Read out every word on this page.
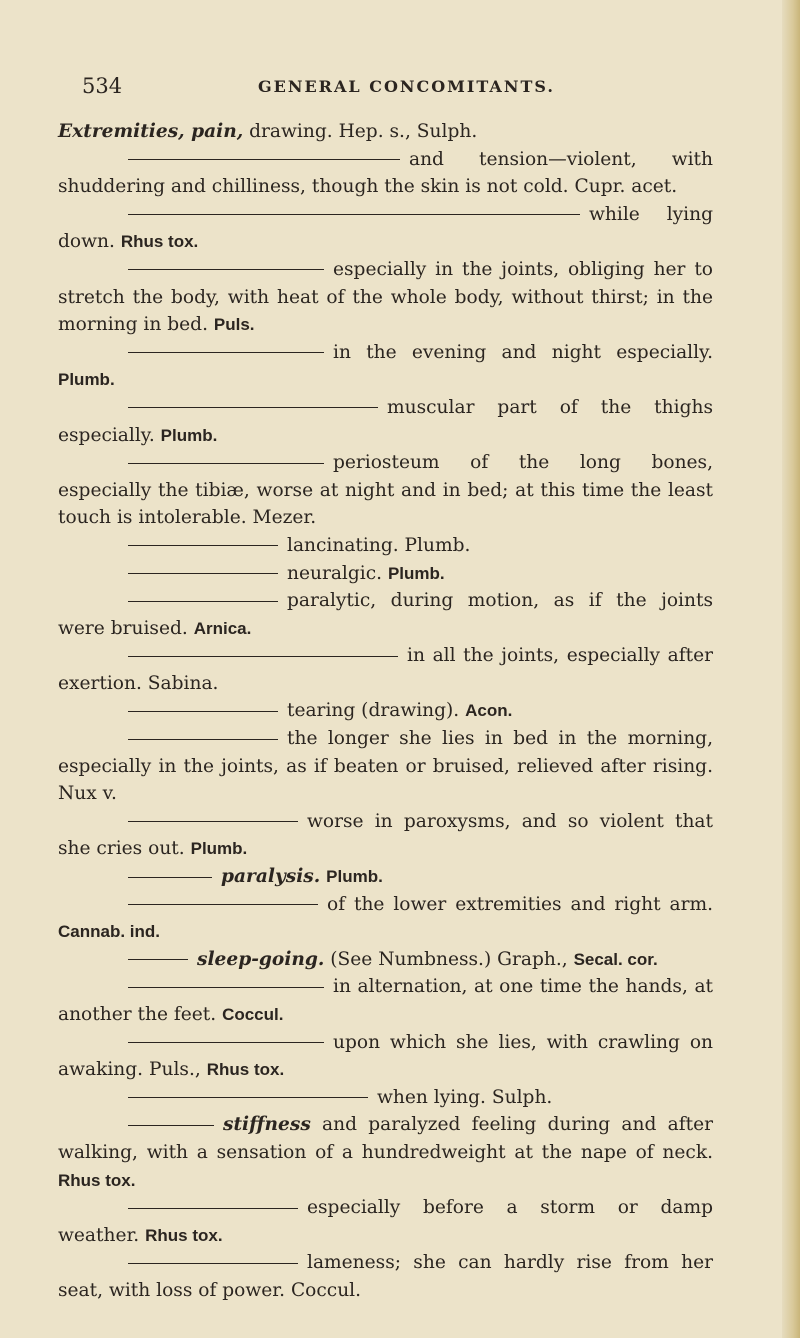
534	GENERAL CONCOMITANTS.

Extremities, pain, drawing. Hep. s., Sulph.

and tension—violent, with shuddering and chilliness, though the skin is not cold. Cupr. acet.

while lying down. Rhus tox.

especially in the joints, obliging her to stretch the body, with heat of the whole body, without thirst; in the morning in bed. Puls.

in the evening and night especially. Plumb.

muscular part of the thighs especially. Plumb.

periosteum of the long bones, especially the tibiæ, worse at night and in bed; at this time the least touch is intolerable. Mezer.

lancinating. Plumb.

neuralgic. Plumb.

paralytic, during motion, as if the joints were bruised. Arnica.

in all the joints, especially after exertion. Sabina.

tearing (drawing). Acon.

the longer she lies in bed in the morning, especially in the joints, as if beaten or bruised, relieved after rising. Nux v.

worse in paroxysms, and so violent that she cries out. Plumb.

paralysis. Plumb.

of the lower extremities and right arm. Cannab. ind.

sleep-going. (See Numbness.) Graph., Secal. cor.

in alternation, at one time the hands, at another the feet. Coccul.

upon which she lies, with crawling on awaking. Puls., Rhus tox.

when lying. Sulph.

stiffness and paralyzed feeling during and after walking, with a sensation of a hundredweight at the nape of neck. Rhus tox.

especially before a storm or damp weather. Rhus tox.

lameness; she can hardly rise from her seat, with loss of power. Coccul.
